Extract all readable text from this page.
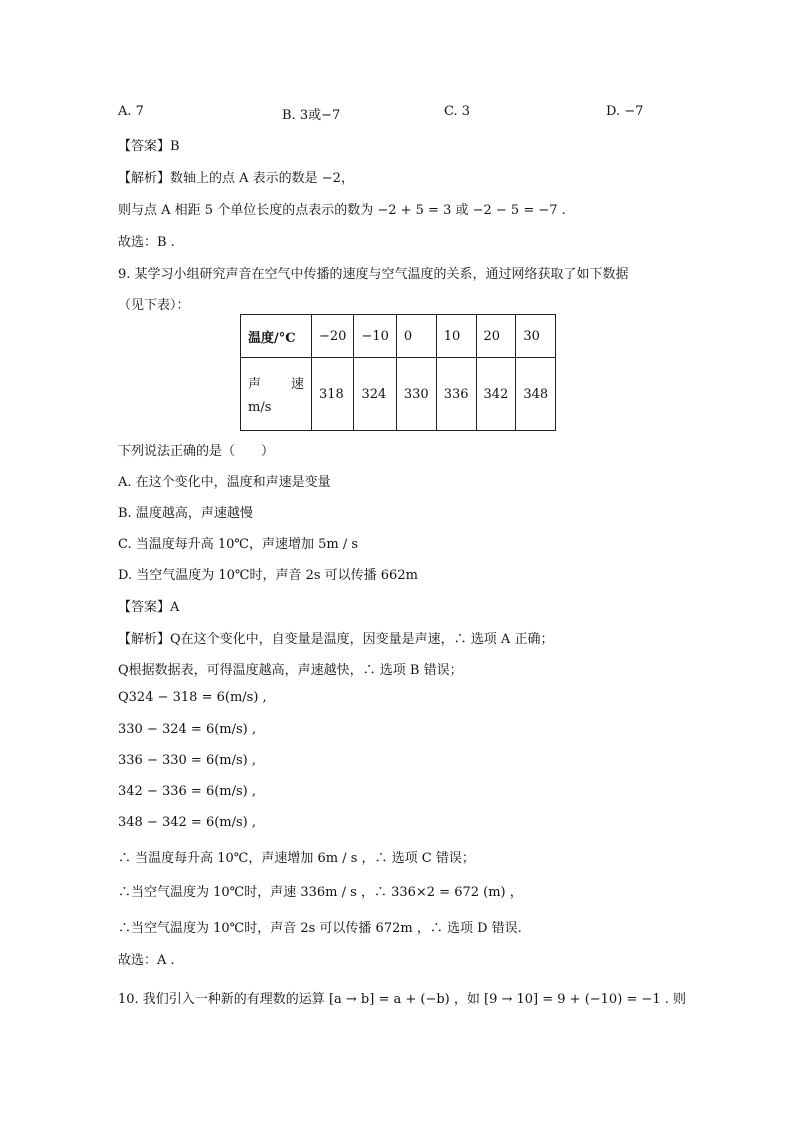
A. 7	B. 3或−7	C. 3	D. −7
【答案】B
【解析】数轴上的点 A 表示的数是 −2，
则与点 A 相距 5 个单位长度的点表示的数为 −2 + 5 = 3 或 −2 − 5 = −7 .
故选：B .
9. 某学习小组研究声音在空气中传播的速度与空气温度的关系，通过网络获取了如下数据
（见下表）：
温度/°C	−20	−10	0	10	20	30

声 速
m/s	318	324	330	336	342	348
下列说法正确的是（　　）
A. 在这个变化中，温度和声速是变量
B. 温度越高，声速越慢
C. 当温度每升高 10℃，声速增加 5m / s
D. 当空气温度为 10℃时，声音 2s 可以传播 662m
【答案】A
【解析】Q在这个变化中，自变量是温度，因变量是声速，∴ 选项 A 正确；
Q根据数据表，可得温度越高，声速越快，∴ 选项 B 错误；
Q324 − 318 = 6(m/s) ,
330 − 324 = 6(m/s) ,
336 − 330 = 6(m/s) ,
342 − 336 = 6(m/s) ,
348 − 342 = 6(m/s) ,
∴ 当温度每升高 10℃，声速增加 6m / s ，∴ 选项 C 错误；
∴当空气温度为 10℃时，声速 336m / s ，∴ 336×2 = 672 (m) ，
∴当空气温度为 10℃时，声音 2s 可以传播 672m ，∴ 选项 D 错误.
故选：A .
10. 我们引入一种新的有理数的运算 [a → b] = a + (−b) ，如 [9 → 10] = 9 + (−10) = −1 . 则
